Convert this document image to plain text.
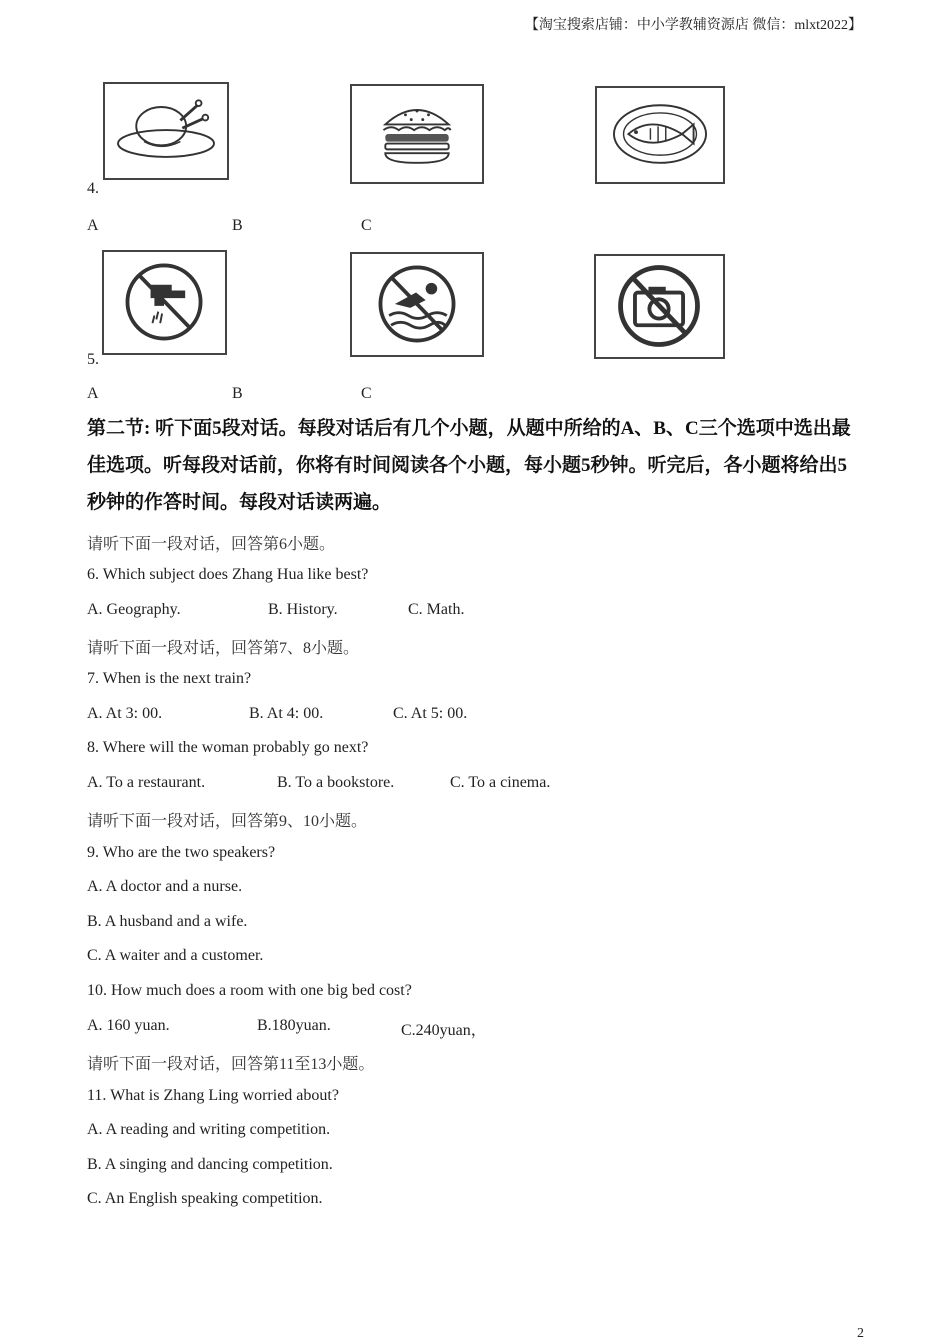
【淘宝搜索店铺：中小学教辅资源店 微信：mlxt2022】
4.
A	B	C
5.
A	B	C
第二节: 听下面5段对话。每段对话后有几个小题，从题中所给的A、B、C三个选项中选出最佳选项。听每段对话前，你将有时间阅读各个小题，每小题5秒钟。听完后，各小题将给出5秒钟的作答时间。每段对话读两遍。
请听下面一段对话，回答第6小题。
6. Which subject does Zhang Hua like best?
A. Geography.	B. History.	C. Math.
请听下面一段对话，回答第7、8小题。
7. When is the next train?
A. At 3: 00.	B. At 4: 00.	C. At 5: 00.
8. Where will the woman probably go next?
A. To a restaurant.	B. To a bookstore.	C. To a cinema.
请听下面一段对话，回答第9、10小题。
9. Who are the two speakers?
A. A doctor and a nurse.
B. A husband and a wife.
C. A waiter and a customer.
10. How much does a room with one big bed cost?
A. 160 yuan.	B.180yuan.	C.240yuan，
请听下面一段对话，回答第11至13小题。
11. What is Zhang Ling worried about?
A. A reading and writing competition.
B. A singing and dancing competition.
C. An English speaking competition.
2
